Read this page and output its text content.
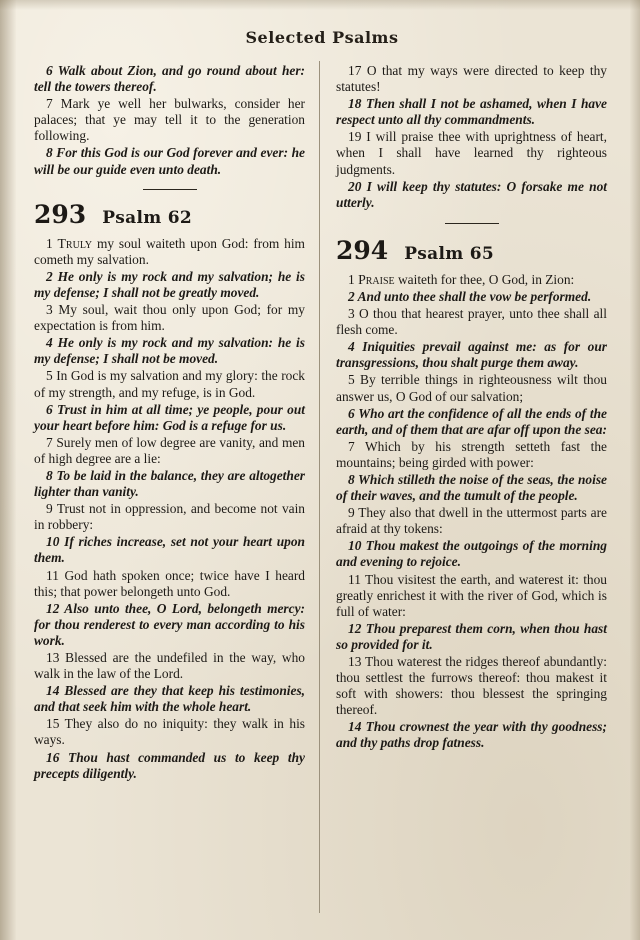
Selected Psalms

6 Walk about Zion, and go round about her: tell the towers thereof.

7 Mark ye well her bulwarks, consider her palaces; that ye may tell it to the generation following.

8 For this God is our God forever and ever: he will be our guide even unto death.

293 Psalm 62

1 Truly my soul waiteth upon God: from him cometh my salvation.

2 He only is my rock and my salvation; he is my defense; I shall not be greatly moved.

3 My soul, wait thou only upon God; for my expectation is from him.

4 He only is my rock and my salvation: he is my defense; I shall not be moved.

5 In God is my salvation and my glory: the rock of my strength, and my refuge, is in God.

6 Trust in him at all time; ye people, pour out your heart before him: God is a refuge for us.

7 Surely men of low degree are vanity, and men of high degree are a lie:

8 To be laid in the balance, they are altogether lighter than vanity.

9 Trust not in oppression, and become not vain in robbery:

10 If riches increase, set not your heart upon them.

11 God hath spoken once; twice have I heard this; that power belongeth unto God.

12 Also unto thee, O Lord, belongeth mercy: for thou renderest to every man according to his work.

13 Blessed are the undefiled in the way, who walk in the law of the Lord.

14 Blessed are they that keep his testimonies, and that seek him with the whole heart.

15 They also do no iniquity: they walk in his ways.

16 Thou hast commanded us to keep thy precepts diligently.

17 O that my ways were directed to keep thy statutes!

18 Then shall I not be ashamed, when I have respect unto all thy commandments.

19 I will praise thee with uprightness of heart, when I shall have learned thy righteous judgments.

20 I will keep thy statutes: O forsake me not utterly.

294 Psalm 65

1 Praise waiteth for thee, O God, in Zion:

2 And unto thee shall the vow be performed.

3 O thou that hearest prayer, unto thee shall all flesh come.

4 Iniquities prevail against me: as for our transgressions, thou shalt purge them away.

5 By terrible things in righteousness wilt thou answer us, O God of our salvation;

6 Who art the confidence of all the ends of the earth, and of them that are afar off upon the sea:

7 Which by his strength setteth fast the mountains; being girded with power:

8 Which stilleth the noise of the seas, the noise of their waves, and the tumult of the people.

9 They also that dwell in the uttermost parts are afraid at thy tokens:

10 Thou makest the outgoings of the morning and evening to rejoice.

11 Thou visitest the earth, and waterest it: thou greatly enrichest it with the river of God, which is full of water:

12 Thou preparest them corn, when thou hast so provided for it.

13 Thou waterest the ridges thereof abundantly: thou settlest the furrows thereof: thou makest it soft with showers: thou blessest the springing thereof.

14 Thou crownest the year with thy goodness; and thy paths drop fatness.
